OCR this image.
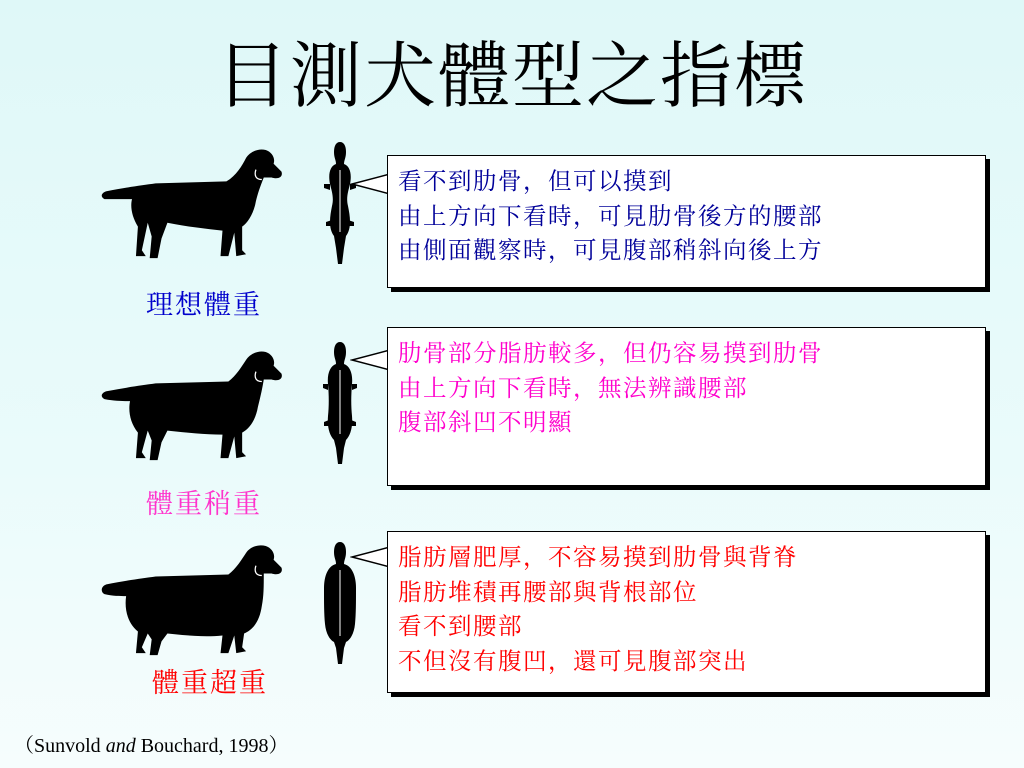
目測犬體型之指標
理想體重
看不到肋骨，但可以摸到
由上方向下看時，可見肋骨後方的腰部
由側面觀察時，可見腹部稍斜向後上方
體重稍重
肋骨部分脂肪較多，但仍容易摸到肋骨
由上方向下看時，無法辨識腰部
腹部斜凹不明顯
體重超重
脂肪層肥厚，不容易摸到肋骨與背脊
脂肪堆積再腰部與背根部位
看不到腰部
不但沒有腹凹，還可見腹部突出
（Sunvold and Bouchard, 1998）
